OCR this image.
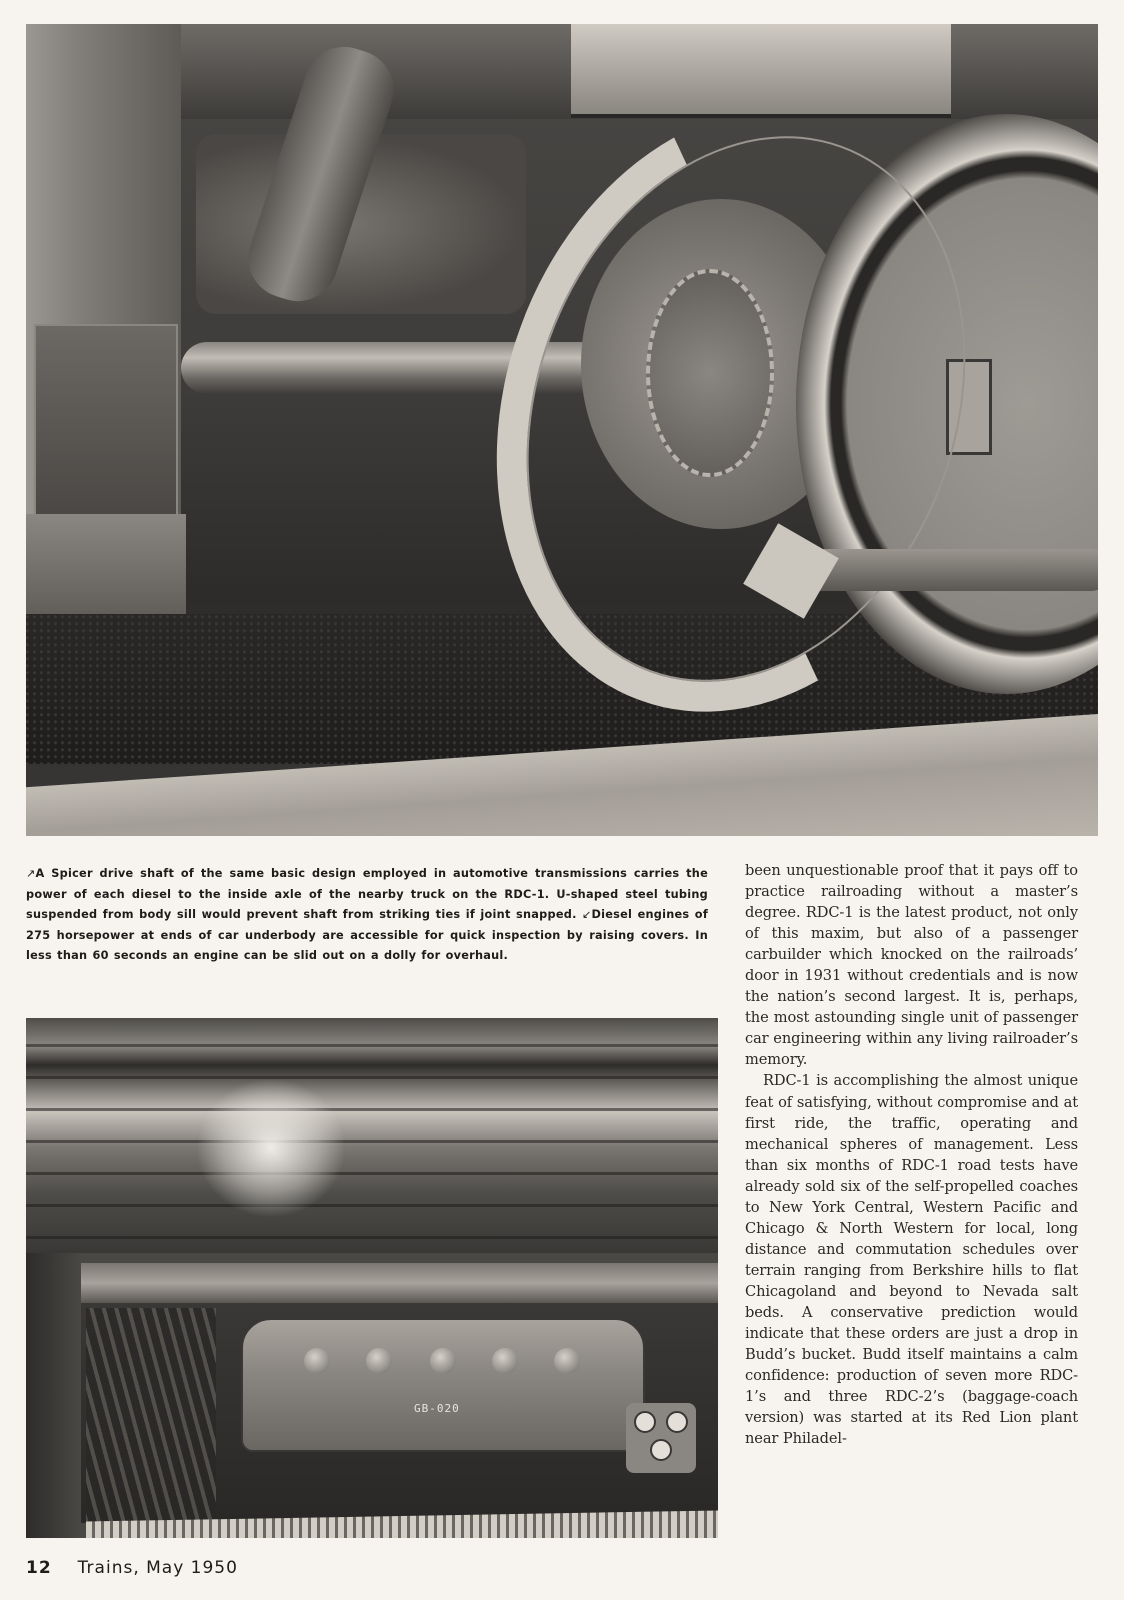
↗A Spicer drive shaft of the same basic design employed in automotive transmissions carries the power of each diesel to the inside axle of the nearby truck on the RDC-1. U-shaped steel tubing suspended from body sill would prevent shaft from striking ties if joint snapped. ↙Diesel engines of 275 horsepower at ends of car underbody are accessible for quick inspection by raising covers. In less than 60 seconds an engine can be slid out on a dolly for overhaul.
GB-020

been unquestionable proof that it pays off to practice railroading without a master’s degree. RDC-1 is the latest product, not only of this maxim, but also of a passenger carbuilder which knocked on the railroads’ door in 1931 without credentials and is now the nation’s second largest. It is, perhaps, the most astounding single unit of passenger car engineering within any living railroader’s memory.

RDC-1 is accomplishing the almost unique feat of satisfying, without compromise and at first ride, the traffic, operating and mechanical spheres of management. Less than six months of RDC-1 road tests have already sold six of the self-propelled coaches to New York Central, Western Pacific and Chicago & North Western for local, long distance and commutation schedules over terrain ranging from Berkshire hills to flat Chicagoland and beyond to Nevada salt beds. A conservative prediction would indicate that these orders are just a drop in Budd’s bucket. Budd itself maintains a calm confidence: production of seven more RDC-1’s and three RDC-2’s (baggage-coach version) was started at its Red Lion plant near Philadel-

12 Trains, May 1950
